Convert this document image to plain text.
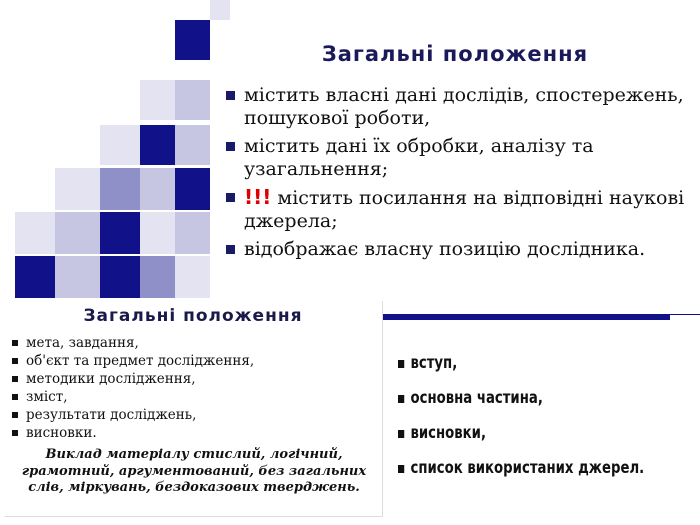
Загальні положення
містить власні дані дослідів, спостережень, пошукової роботи,
містить дані їх обробки, аналізу та узагальнення;
!!! містить посилання на відповідні наукові джерела;
відображає власну позицію дослідника.
Загальні положення
мета, завдання,
об'єкт та предмет дослідження,
методики дослідження,
зміст,
результати досліджень,
висновки.
Виклад матеріалу стислий, логічний, грамотний, аргументований, без загальних слів, міркувань, бездоказових тверджень.
вступ,
основна частина,
висновки,
список використаних джерел.
